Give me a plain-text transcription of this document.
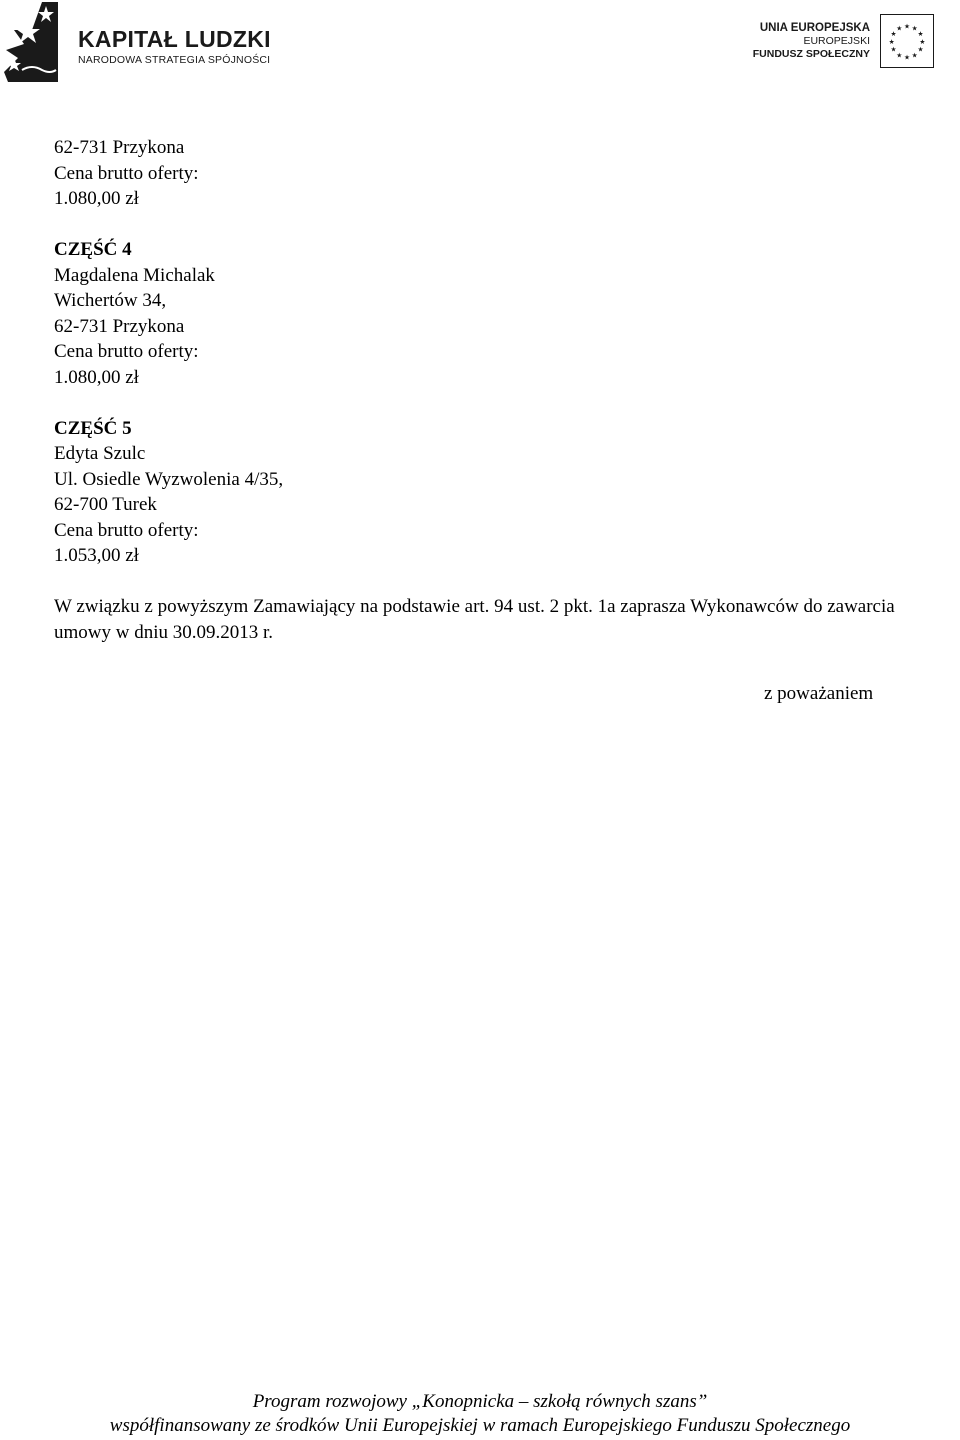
KAPITAŁ LUDZKI
NARODOWA STRATEGIA SPÓJNOŚCI
UNIA EUROPEJSKA
EUROPEJSKI
FUNDUSZ SPOŁECZNY
★ ★
★
★
★
★
★
★
★
★
★
★
62-731 Przykona
Cena brutto oferty:
1.080,00 zł
CZĘŚĆ 4
Magdalena Michalak
Wichertów 34,
62-731 Przykona
Cena brutto oferty:
1.080,00 zł
CZĘŚĆ 5
Edyta Szulc
Ul. Osiedle Wyzwolenia 4/35,
62-700 Turek
Cena brutto oferty:
1.053,00 zł
W związku z powyższym Zamawiający na podstawie art. 94 ust. 2 pkt. 1a zaprasza Wykonawców do zawarcia umowy w dniu 30.09.2013 r.
z poważaniem
Program rozwojowy „Konopnicka – szkołą równych szans”
współfinansowany ze środków Unii Europejskiej w ramach Europejskiego Funduszu Społecznego
